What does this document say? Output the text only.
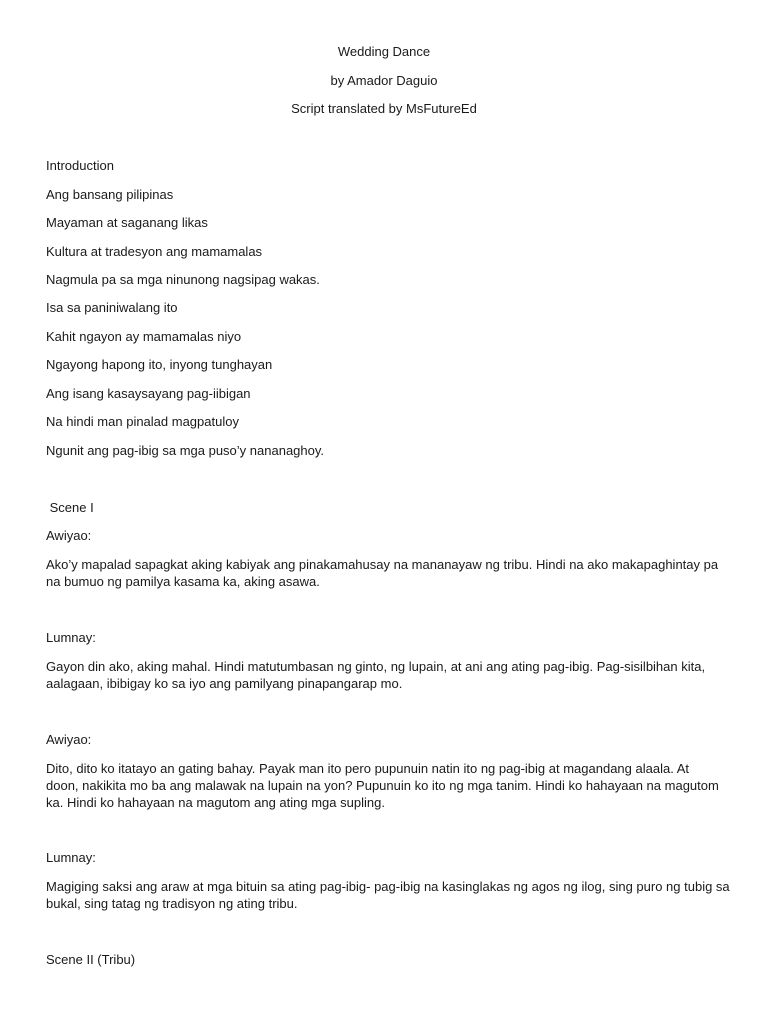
Wedding Dance

by Amador Daguio

Script translated by MsFutureEd

Introduction

Ang bansang pilipinas

Mayaman at saganang likas

Kultura at tradesyon ang mamamalas

Nagmula pa sa mga ninunong nagsipag wakas.

Isa sa paniniwalang ito

Kahit ngayon ay mamamalas niyo

Ngayong hapong ito, inyong tunghayan

Ang isang kasaysayang pag-iibigan

Na hindi man pinalad magpatuloy

Ngunit ang pag-ibig sa mga puso’y nananaghoy.

Scene I

Awiyao:

Ako’y mapalad sapagkat aking kabiyak ang pinakamahusay na mananayaw ng tribu. Hindi na ako makapaghintay pa
na bumuo ng pamilya kasama ka, aking asawa.

Lumnay:

Gayon din ako, aking mahal. Hindi matutumbasan ng ginto, ng lupain, at ani ang ating pag-ibig. Pag-sisilbihan kita,
aalagaan, ibibigay ko sa iyo ang pamilyang pinapangarap mo.

Awiyao:

Dito, dito ko itatayo an gating bahay. Payak man ito pero pupunuin natin ito ng pag-ibig at magandang alaala. At
doon, nakikita mo ba ang malawak na lupain na yon? Pupunuin ko ito ng mga tanim. Hindi ko hahayaan na magutom
ka. Hindi ko hahayaan na magutom ang ating mga supling.

Lumnay:

Magiging saksi ang araw at mga bituin sa ating pag-ibig- pag-ibig na kasinglakas ng agos ng ilog, sing puro ng tubig sa
bukal, sing tatag ng tradisyon ng ating tribu.

Scene II (Tribu)
